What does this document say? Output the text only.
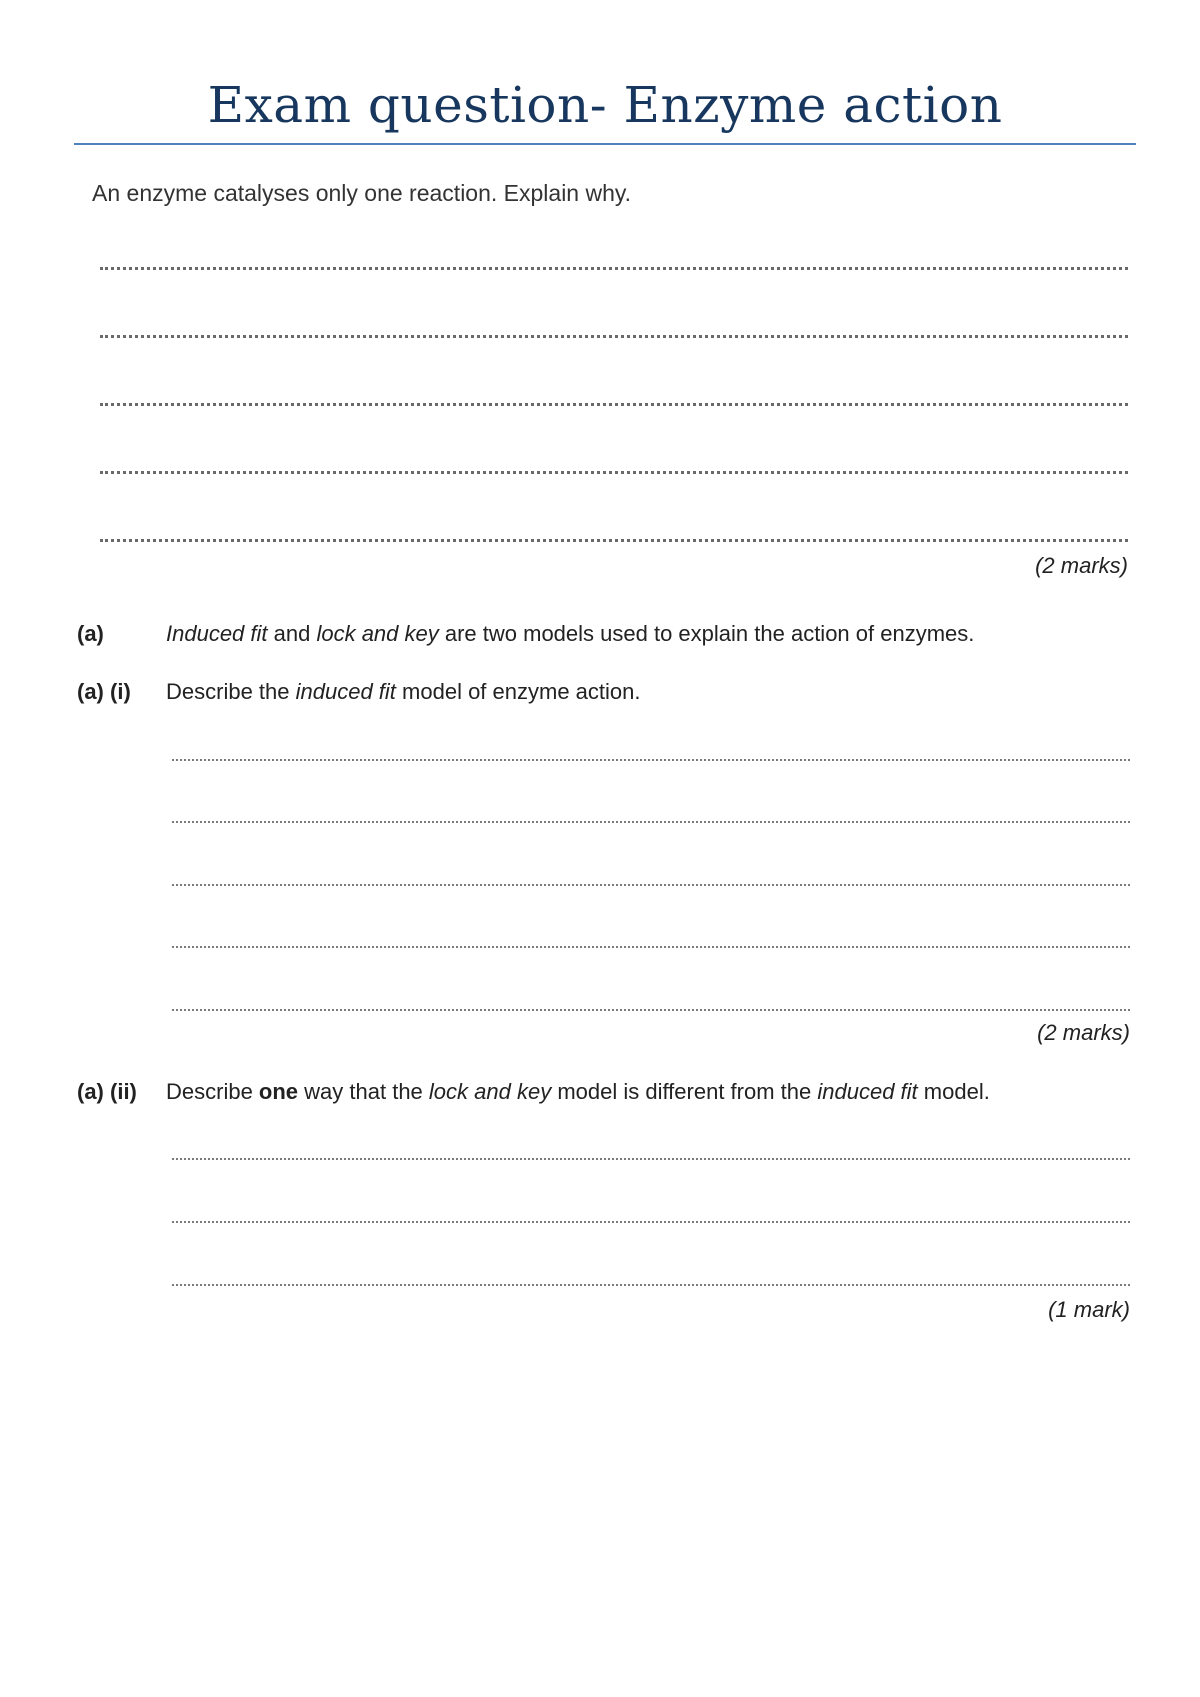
Exam question- Enzyme action
An enzyme catalyses only one reaction. Explain why.
(2 marks)
(a)	Induced fit and lock and key are two models used to explain the action of enzymes.
(a) (i) Describe the induced fit model of enzyme action.
(2 marks)
(a) (ii) Describe one way that the lock and key model is different from the induced fit model.
(1 mark)
